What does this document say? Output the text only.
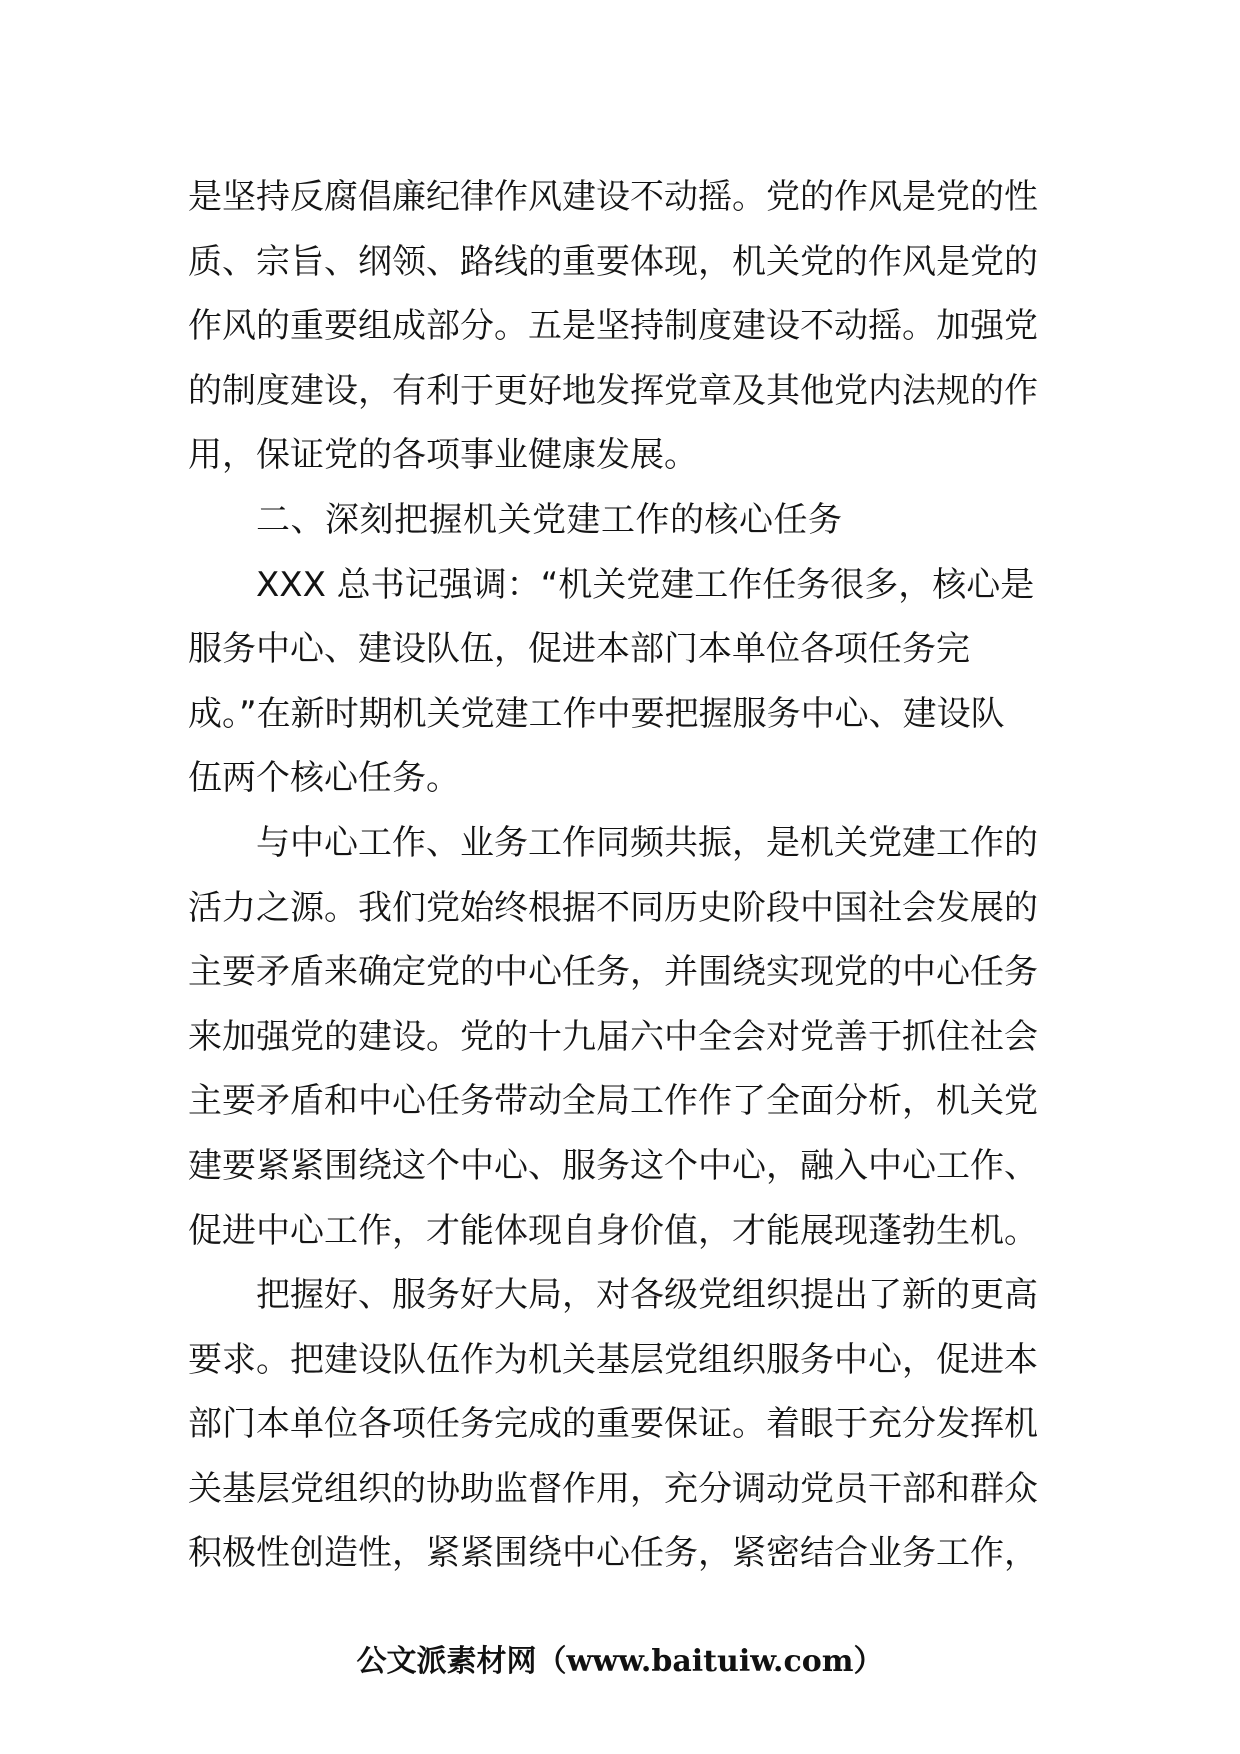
是坚持反腐倡廉纪律作风建设不动摇。党的作风是党的性
质、宗旨、纲领、路线的重要体现，机关党的作风是党的
作风的重要组成部分。五是坚持制度建设不动摇。加强党
的制度建设，有利于更好地发挥党章及其他党内法规的作
用，保证党的各项事业健康发展。
二、深刻把握机关党建工作的核心任务
XXX 总书记强调：“机关党建工作任务很多，核心是
服务中心、建设队伍，促进本部门本单位各项任务完
成。”在新时期机关党建工作中要把握服务中心、建设队
伍两个核心任务。
与中心工作、业务工作同频共振，是机关党建工作的
活力之源。我们党始终根据不同历史阶段中国社会发展的
主要矛盾来确定党的中心任务，并围绕实现党的中心任务
来加强党的建设。党的十九届六中全会对党善于抓住社会
主要矛盾和中心任务带动全局工作作了全面分析，机关党
建要紧紧围绕这个中心、服务这个中心，融入中心工作、
促进中心工作，才能体现自身价值，才能展现蓬勃生机。
把握好、服务好大局，对各级党组织提出了新的更高
要求。把建设队伍作为机关基层党组织服务中心，促进本
部门本单位各项任务完成的重要保证。着眼于充分发挥机
关基层党组织的协助监督作用，充分调动党员干部和群众
积极性创造性，紧紧围绕中心任务，紧密结合业务工作，
公文派素材网（www.baituiw.com）
